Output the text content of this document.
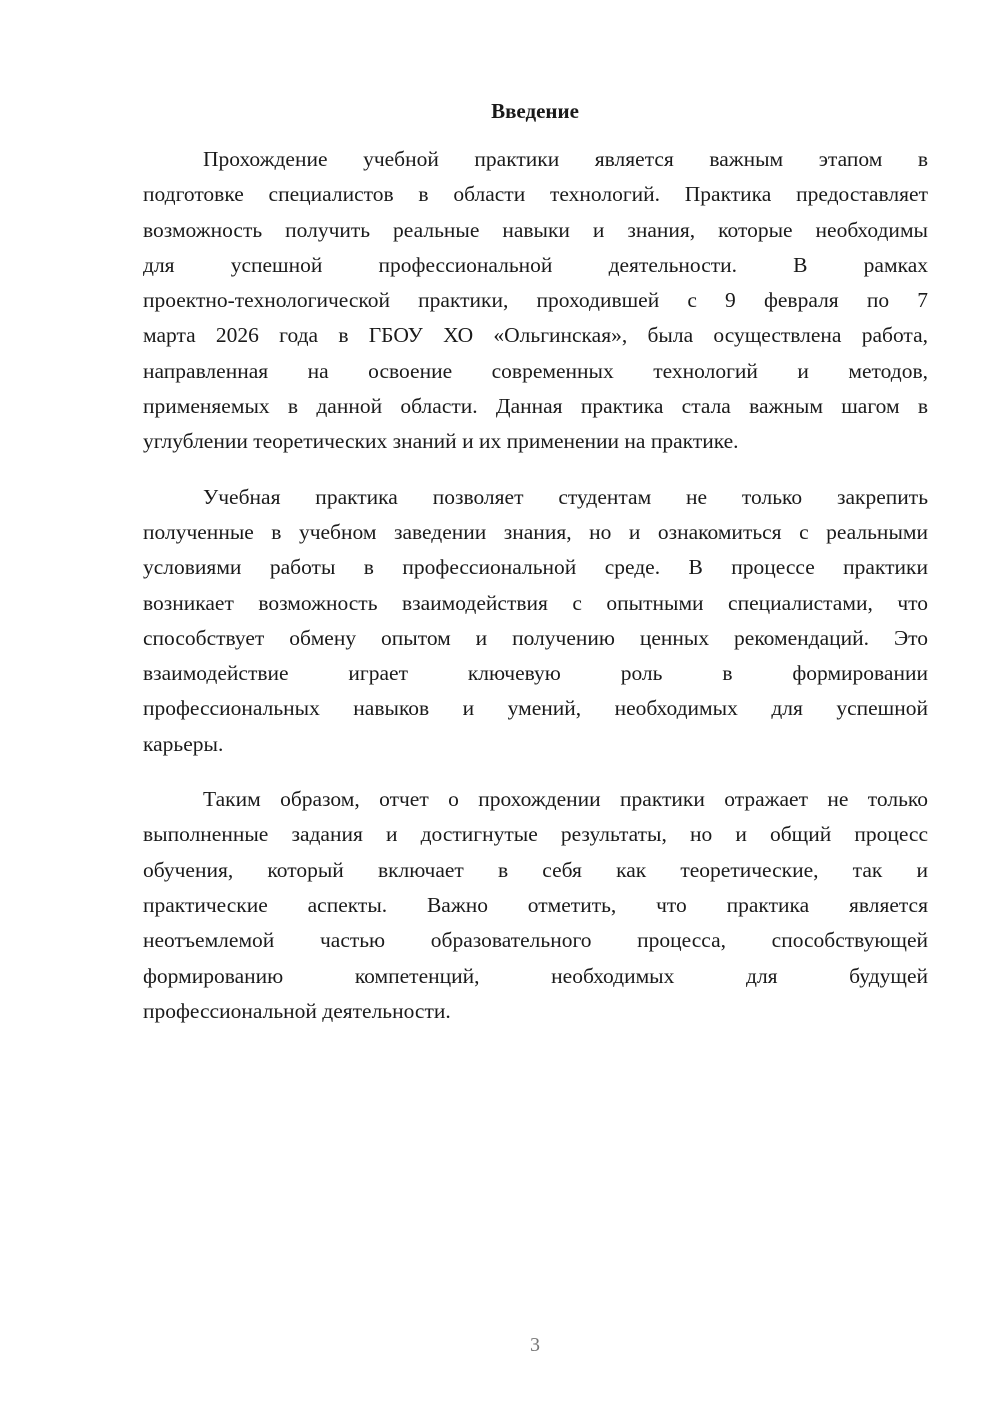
Введение
Прохождение учебной практики является важным этапом в
подготовке специалистов в области технологий. Практика предоставляет
возможность получить реальные навыки и знания, которые необходимы
для успешной профессиональной деятельности. В рамках
проектно-технологической практики, проходившей с 9 февраля по 7
марта 2026 года в ГБОУ ХО «Ольгинская», была осуществлена работа,
направленная на освоение современных технологий и методов,
применяемых в данной области. Данная практика стала важным шагом в
углублении теоретических знаний и их применении на практике.
Учебная практика позволяет студентам не только закрепить
полученные в учебном заведении знания, но и ознакомиться с реальными
условиями работы в профессиональной среде. В процессе практики
возникает возможность взаимодействия с опытными специалистами, что
способствует обмену опытом и получению ценных рекомендаций. Это
взаимодействие играет ключевую роль в формировании
профессиональных навыков и умений, необходимых для успешной
карьеры.
Таким образом, отчет о прохождении практики отражает не только
выполненные задания и достигнутые результаты, но и общий процесс
обучения, который включает в себя как теоретические, так и
практические аспекты. Важно отметить, что практика является
неотъемлемой частью образовательного процесса, способствующей
формированию компетенций, необходимых для будущей
профессиональной деятельности.
3
